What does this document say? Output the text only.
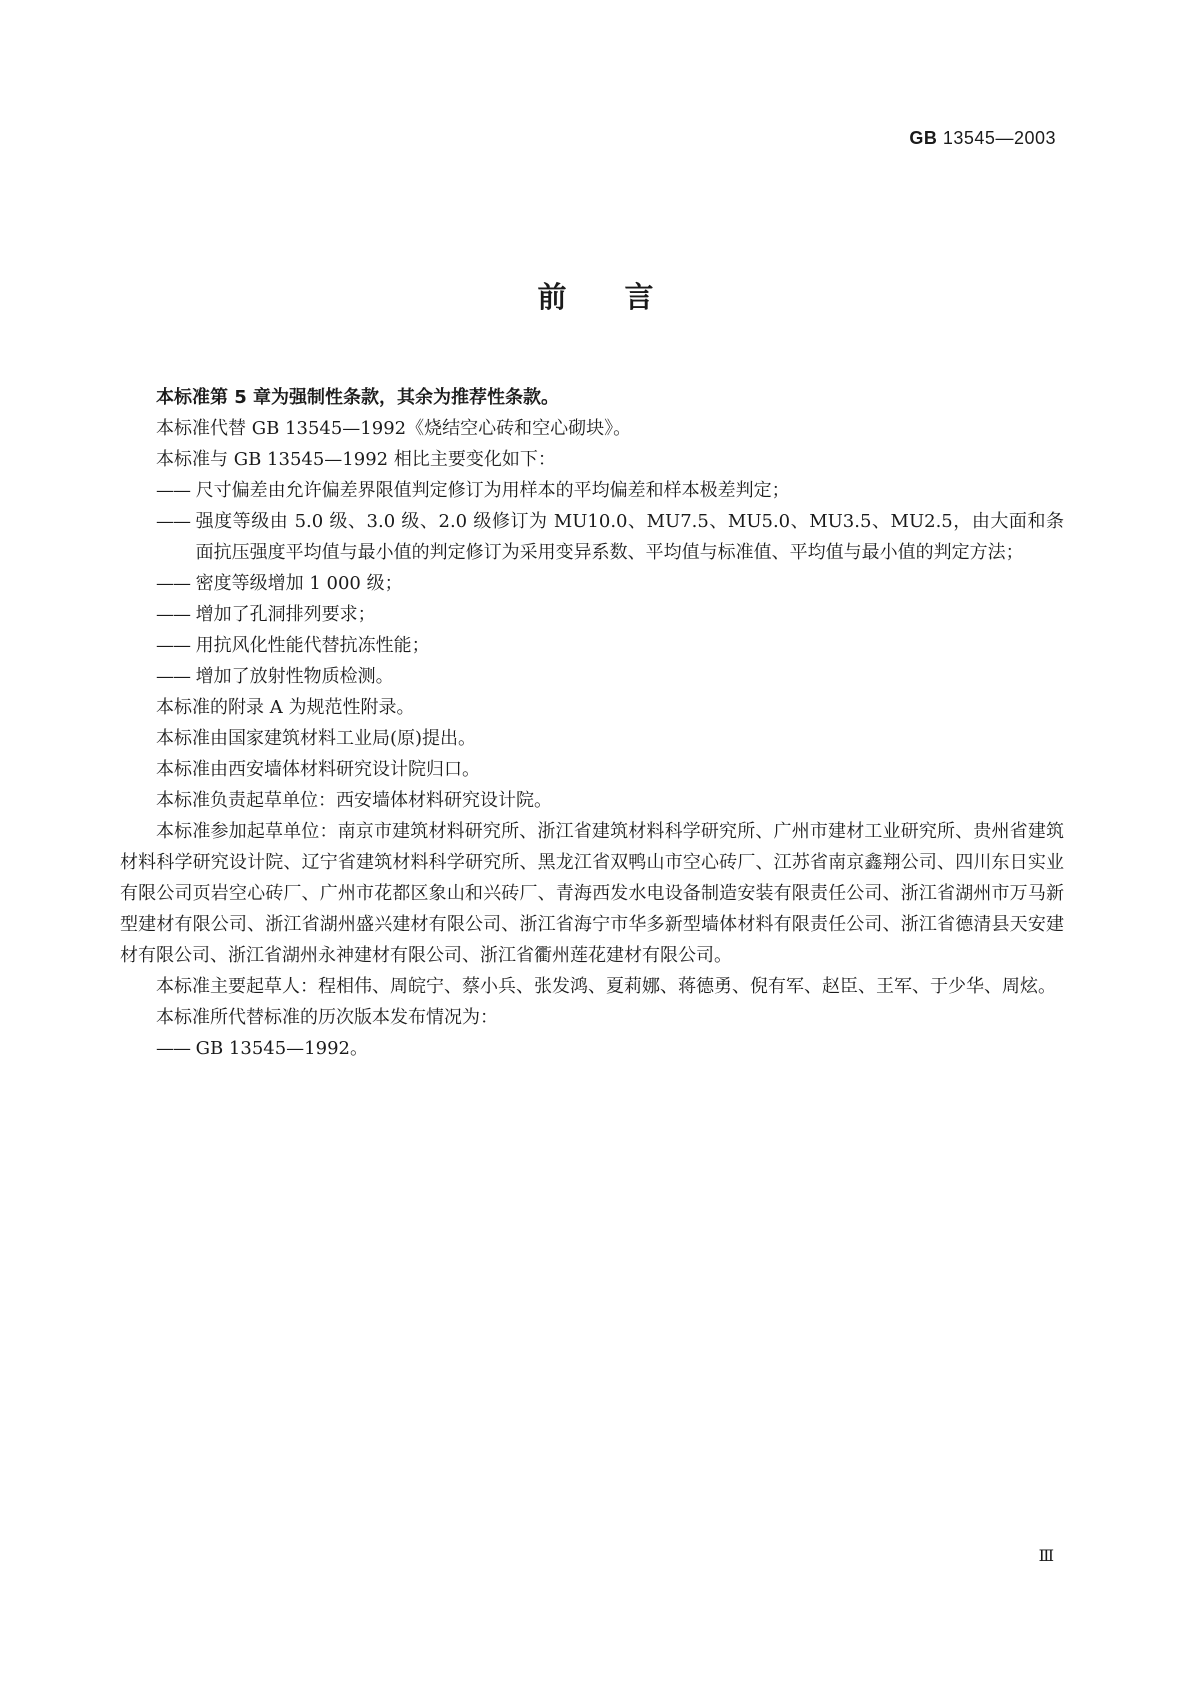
GB 13545—2003
前言

本标准第 5 章为强制性条款，其余为推荐性条款。

本标准代替 GB 13545—1992《烧结空心砖和空心砌块》。

本标准与 GB 13545—1992 相比主要变化如下：

—— 尺寸偏差由允许偏差界限值判定修订为用样本的平均偏差和样本极差判定；
—— 强度等级由 5.0 级、3.0 级、2.0 级修订为 MU10.0、MU7.5、MU5.0、MU3.5、MU2.5，由大面和条面抗压强度平均值与最小值的判定修订为采用变异系数、平均值与标准值、平均值与最小值的判定方法；
—— 密度等级增加 1 000 级；
—— 增加了孔洞排列要求；
—— 用抗风化性能代替抗冻性能；
—— 增加了放射性物质检测。

本标准的附录 A 为规范性附录。

本标准由国家建筑材料工业局(原)提出。

本标准由西安墙体材料研究设计院归口。

本标准负责起草单位：西安墙体材料研究设计院。

本标准参加起草单位：南京市建筑材料研究所、浙江省建筑材料科学研究所、广州市建材工业研究所、贵州省建筑材料科学研究设计院、辽宁省建筑材料科学研究所、黑龙江省双鸭山市空心砖厂、江苏省南京鑫翔公司、四川东日实业有限公司页岩空心砖厂、广州市花都区象山和兴砖厂、青海西发水电设备制造安装有限责任公司、浙江省湖州市万马新型建材有限公司、浙江省湖州盛兴建材有限公司、浙江省海宁市华多新型墙体材料有限责任公司、浙江省德清县天安建材有限公司、浙江省湖州永神建材有限公司、浙江省衢州莲花建材有限公司。

本标准主要起草人：程相伟、周皖宁、蔡小兵、张发鸿、夏莉娜、蒋德勇、倪有军、赵臣、王军、于少华、周炫。

本标准所代替标准的历次版本发布情况为：

—— GB 13545—1992。
Ⅲ
